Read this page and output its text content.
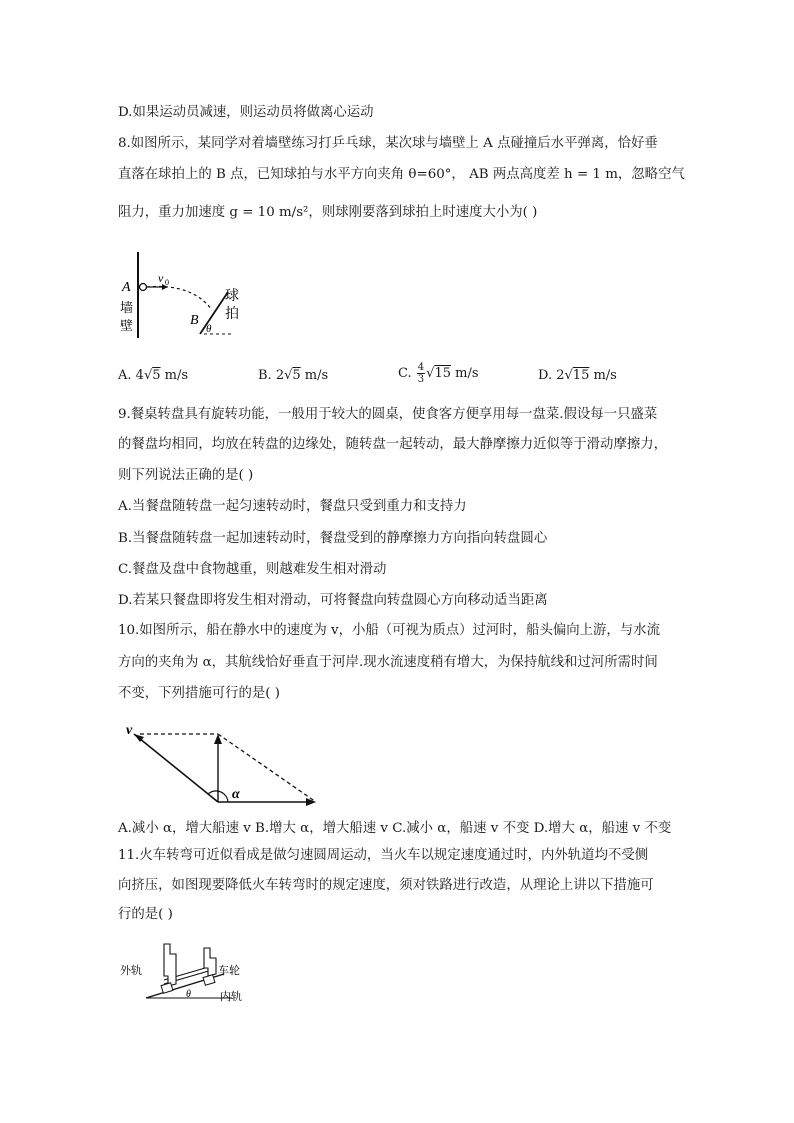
D.如果运动员减速，则运动员将做离心运动
8.如图所示，某同学对着墙壁练习打乒乓球，某次球与墙壁上 A 点碰撞后水平弹离，恰好垂
直落在球拍上的 B 点，已知球拍与水平方向夹角 θ=60°， AB 两点高度差 h = 1 m，忽略空气
阻力，重力加速度 g = 10 m/s²，则球刚要落到球拍上时速度大小为( )
A
v 0
墙
壁	B
θ
球
拍
A. 4√5 m/s	B. 2√5 m/s	C. $\frac{4}{3} √15$ m/s	D. 2√15 m/s
9.餐桌转盘具有旋转功能，一般用于较大的圆桌，使食客方便享用每一盘菜.假设每一只盛菜
的餐盘均相同，均放在转盘的边缘处，随转盘一起转动，最大静摩擦力近似等于滑动摩擦力，
则下列说法正确的是( )
A.当餐盘随转盘一起匀速转动时，餐盘只受到重力和支持力
B.当餐盘随转盘一起加速转动时，餐盘受到的静摩擦力方向指向转盘圆心
C.餐盘及盘中食物越重，则越难发生相对滑动
D.若某只餐盘即将发生相对滑动，可将餐盘向转盘圆心方向移动适当距离
10.如图所示，船在静水中的速度为 v，小船（可视为质点）过河时，船头偏向上游，与水流
方向的夹角为 α，其航线恰好垂直于河岸.现水流速度稍有增大，为保持航线和过河所需时间
不变，下列措施可行的是( )
v
α
A.减小 α，增大船速 v B.增大 α，增大船速 v C.减小 α，船速 v 不变 D.增大 α，船速 v 不变
11.火车转弯可近似看成是做匀速圆周运动，当火车以规定速度通过时，内外轨道均不受侧
向挤压，如图现要降低火车转弯时的规定速度，须对铁路进行改造，从理论上讲以下措施可
行的是( )
外轨	车轮
内轨
θ
